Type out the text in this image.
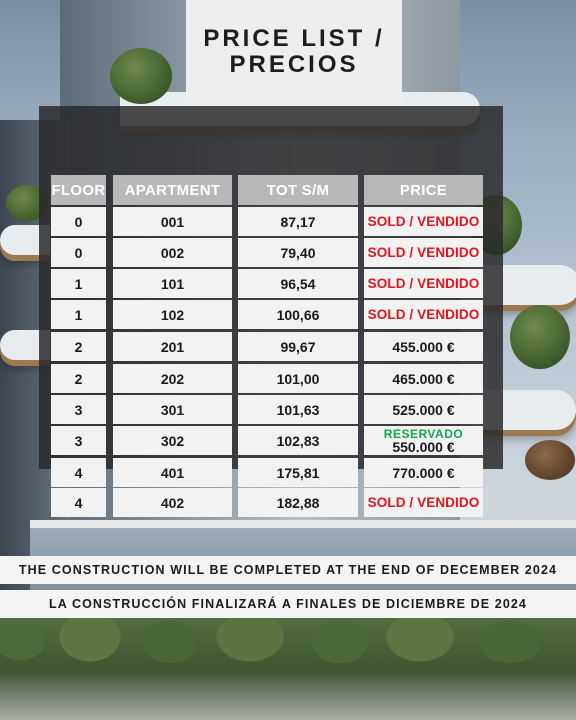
PRICE LIST /
PRECIOS
FLOOR	APARTMENT	TOT S/M	PRICE
0	001	87,17	SOLD / VENDIDO
0	002	79,40	SOLD / VENDIDO
1	101	96,54	SOLD / VENDIDO
1	102	100,66	SOLD / VENDIDO
2	201	99,67	455.000 €
2	202	101,00	465.000 €
3	301	101,63	525.000 €
3	302	102,83	RESERVADO
550.000 €
4	401	175,81	770.000 €
4	402	182,88	SOLD / VENDIDO
THE CONSTRUCTION WILL BE COMPLETED AT THE END OF DECEMBER 2024
LA CONSTRUCCIÓN FINALIZARÁ A FINALES DE DICIEMBRE DE 2024
